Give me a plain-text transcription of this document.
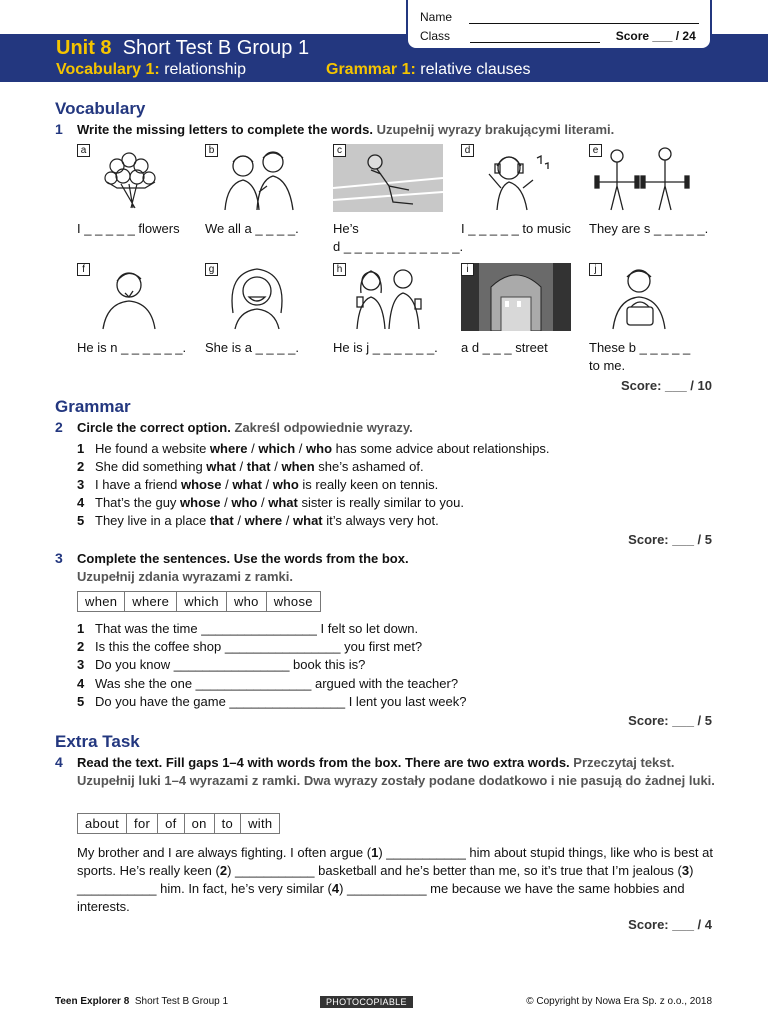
Unit 8 Short Test B Group 1
Vocabulary 1: relationship	Grammar 1: relative clauses
Name
Class	Score ___ / 24
Vocabulary
1 Write the missing letters to complete the words. Uzupełnij wyrazy brakującymi literami.
a
I _ _ _ _ _ flowers
b
We all a _ _ _ _.
c
He’s
d _ _ _ _ _ _ _ _ _ _ _.
d
I _ _ _ _ _ to music
e
They are s _ _ _ _ _.
f
He is n _ _ _ _ _ _.
g
She is a _ _ _ _.
h
He is j _ _ _ _ _ _.
i
a d _ _ _ street
j
These b _ _ _ _ _
to me.
Score: ___ / 10
Grammar
2 Circle the correct option. Zakreśl odpowiednie wyrazy.
1 He found a website where / which / who has some advice about relationships.
2 She did something what / that / when she’s ashamed of.
3 I have a friend whose / what / who is really keen on tennis.
4 That’s the guy whose / who / what sister is really similar to you.
5 They live in a place that / where / what it’s always very hot.
Score: ___ / 5
3 Complete the sentences. Use the words from the box.
Uzupełnij zdania wyrazami z ramki.
when	where	which	who	whose
1 That was the time ________________ I felt so let down.
2 Is this the coffee shop ________________ you first met?
3 Do you know ________________ book this is?
4 Was she the one ________________ argued with the teacher?
5 Do you have the game ________________ I lent you last week?
Score: ___ / 5
Extra Task
4 Read the text. Fill gaps 1–4 with words from the box. There are two extra words. Przeczytaj tekst. Uzupełnij luki 1–4 wyrazami z ramki. Dwa wyrazy zostały podane dodatkowo i nie pasują do żadnej luki.
about	for	of	on	to	with
My brother and I are always fighting. I often argue (1) ___________ him about stupid things, like who is best at sports. He’s really keen (2) ___________ basketball and he’s better than me, so it’s true that I’m jealous (3) ___________ him. In fact, he’s very similar (4) ___________ me because we have the same hobbies and interests.
Score: ___ / 4
Teen Explorer 8 Short Test B Group 1	PHOTOCOPIABLE	© Copyright by Nowa Era Sp. z o.o., 2018
